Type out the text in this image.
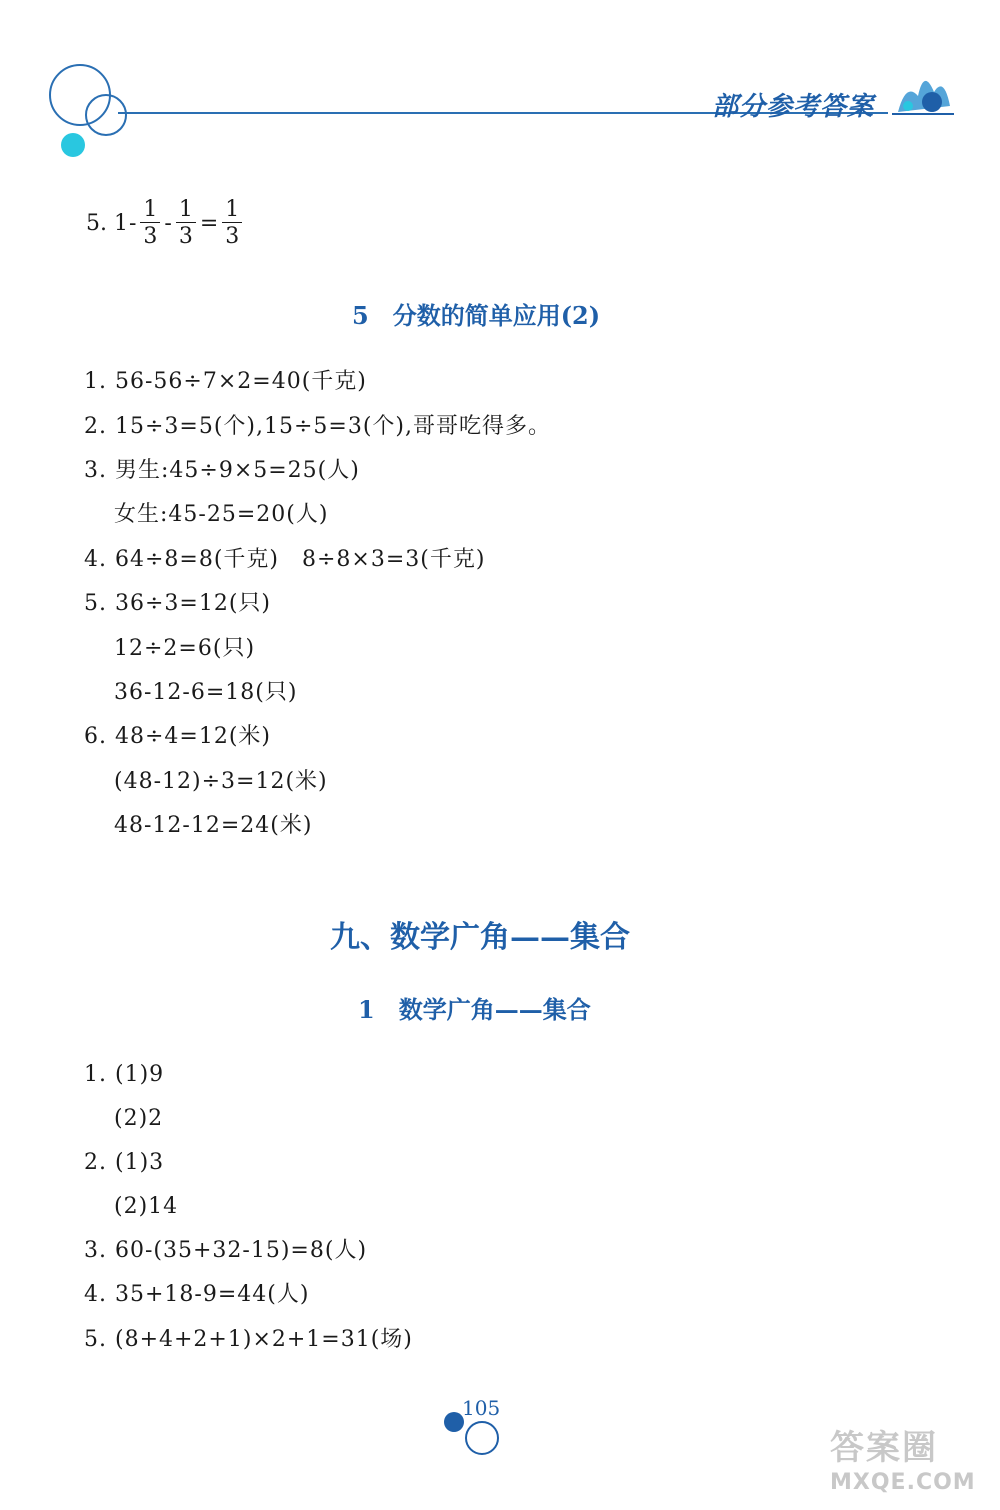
部分参考答案
5. $1 - \frac{1}{3} - \frac{1}{3} = \frac{1}{3}$
5　分数的简单应用(2)
1. 56-56÷7×2=40(千克)
2. 15÷3=5(个),15÷5=3(个),哥哥吃得多。
3. 男生:45÷9×5=25(人)
女生:45-25=20(人)
4. 64÷8=8(千克)　8÷8×3=3(千克)
5. 36÷3=12(只)
12÷2=6(只)
36-12-6=18(只)
6. 48÷4=12(米)
(48-12)÷3=12(米)
48-12-12=24(米)
九、数学广角——集合
1　数学广角——集合
1. (1)9
(2)2
2. (1)3
(2)14
3. 60-(35+32-15)=8(人)
4. 35+18-9=44(人)
5. (8+4+2+1)×2+1=31(场)
105
答案圈
MXQE.COM
